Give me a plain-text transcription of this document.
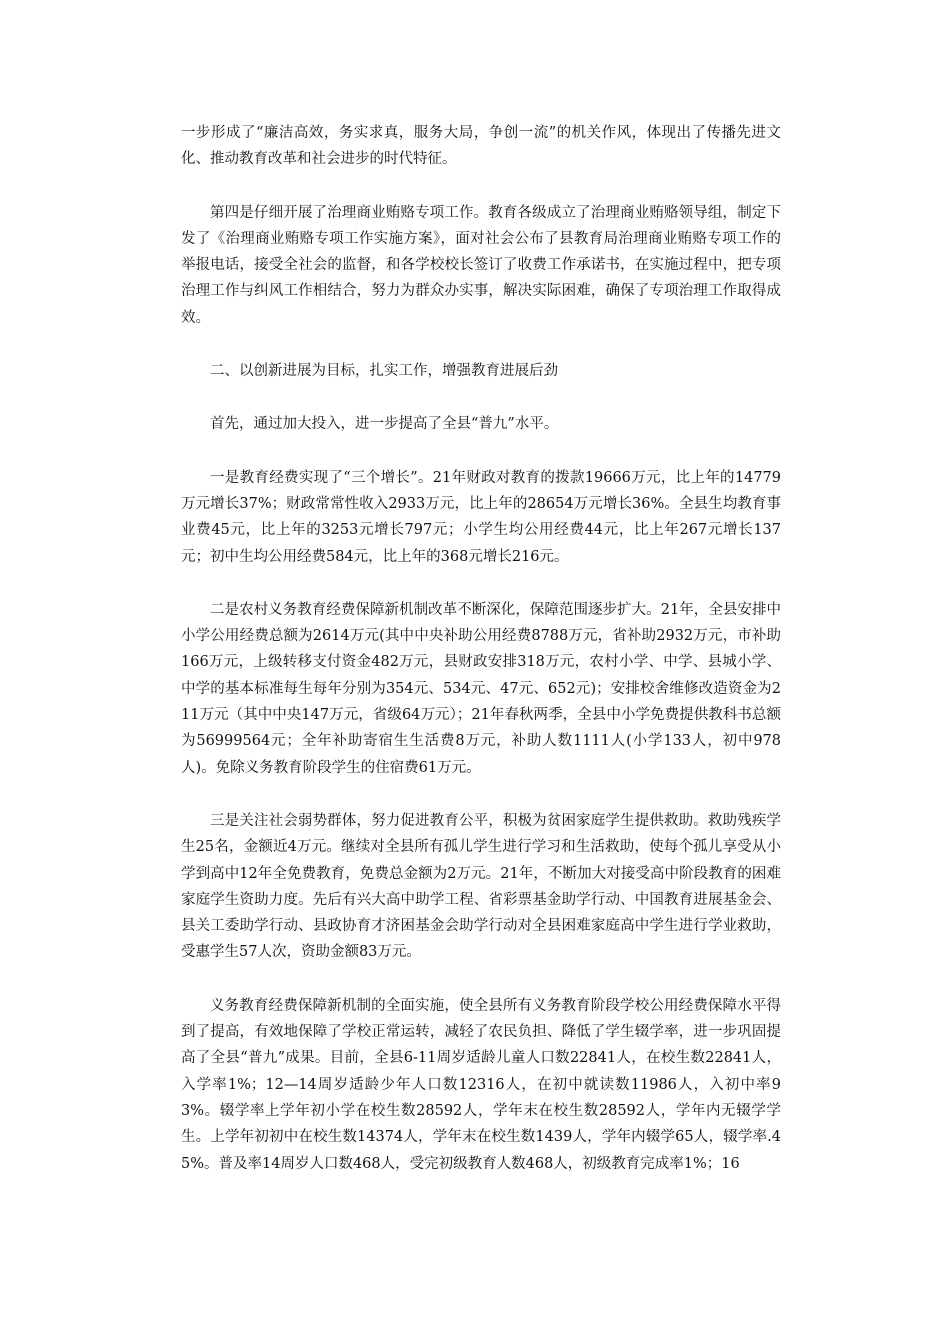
一步形成了“廉洁高效，务实求真，服务大局，争创一流”的机关作风，体现出了传播先进文化、推动教育改革和社会进步的时代特征。

第四是仔细开展了治理商业贿赂专项工作。教育各级成立了治理商业贿赂领导组，制定下发了《治理商业贿赂专项工作实施方案》，面对社会公布了县教育局治理商业贿赂专项工作的举报电话，接受全社会的监督，和各学校校长签订了收费工作承诺书，在实施过程中，把专项治理工作与纠风工作相结合，努力为群众办实事，解决实际困难，确保了专项治理工作取得成效。

二、以创新进展为目标，扎实工作，增强教育进展后劲

首先，通过加大投入，进一步提高了全县“普九”水平。

一是教育经费实现了“三个增长”。21年财政对教育的拨款19666万元，比上年的14779万元增长37%；财政常常性收入2933万元，比上年的28654万元增长36%。全县生均教育事业费45元，比上年的3253元增长797元；小学生均公用经费44元，比上年267元增长137元；初中生均公用经费584元，比上年的368元增长216元。

二是农村义务教育经费保障新机制改革不断深化，保障范围逐步扩大。21年，全县安排中小学公用经费总额为2614万元(其中中央补助公用经费8788万元，省补助2932万元，市补助166万元，上级转移支付资金482万元，县财政安排318万元，农村小学、中学、县城小学、中学的基本标准每生每年分别为354元、534元、47元、652元)；安排校舍维修改造资金为211万元（其中中央147万元，省级64万元）；21年春秋两季，全县中小学免费提供教科书总额为56999564元；全年补助寄宿生生活费8万元，补助人数1111人(小学133人，初中978人)。免除义务教育阶段学生的住宿费61万元。

三是关注社会弱势群体，努力促进教育公平，积极为贫困家庭学生提供救助。救助残疾学生25名，金额近4万元。继续对全县所有孤儿学生进行学习和生活救助，使每个孤儿享受从小学到高中12年全免费教育，免费总金额为2万元。21年，不断加大对接受高中阶段教育的困难家庭学生资助力度。先后有兴大高中助学工程、省彩票基金助学行动、中国教育进展基金会、县关工委助学行动、县政协育才济困基金会助学行动对全县困难家庭高中学生进行学业救助，受惠学生57人次，资助金额83万元。

义务教育经费保障新机制的全面实施，使全县所有义务教育阶段学校公用经费保障水平得到了提高，有效地保障了学校正常运转，减轻了农民负担、降低了学生辍学率，进一步巩固提高了全县“普九”成果。目前，全县6-11周岁适龄儿童人口数22841人，在校生数22841人，入学率1%；12—14周岁适龄少年人口数12316人，在初中就读数11986人，入初中率93%。辍学率上学年初小学在校生数28592人，学年末在校生数28592人，学年内无辍学学生。上学年初初中在校生数14374人，学年末在校生数1439人，学年内辍学65人，辍学率.45%。普及率14周岁人口数468人，受完初级教育人数468人，初级教育完成率1%；16
